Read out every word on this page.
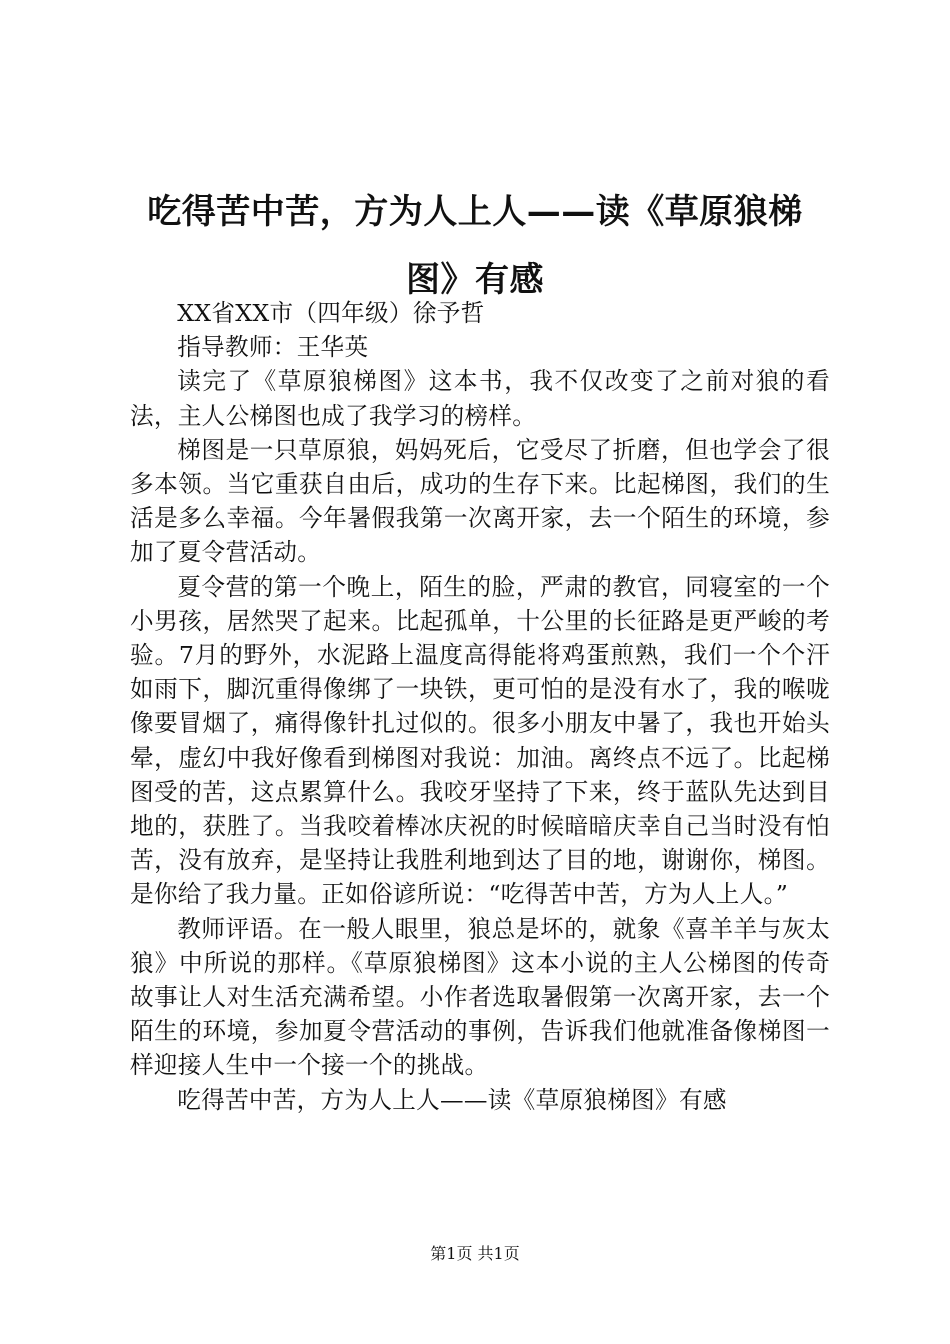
吃得苦中苦，方为人上人——读《草原狼梯
图》有感

XX省XX市（四年级）徐予哲

指导教师：王华英

读完了《草原狼梯图》这本书，我不仅改变了之前对狼的看法，主人公梯图也成了我学习的榜样。

梯图是一只草原狼，妈妈死后，它受尽了折磨，但也学会了很多本领。当它重获自由后，成功的生存下来。比起梯图，我们的生活是多么幸福。今年暑假我第一次离开家，去一个陌生的环境，参加了夏令营活动。

夏令营的第一个晚上，陌生的脸，严肃的教官，同寝室的一个小男孩，居然哭了起来。比起孤单，十公里的长征路是更严峻的考验。7月的野外，水泥路上温度高得能将鸡蛋煎熟，我们一个个汗如雨下，脚沉重得像绑了一块铁，更可怕的是没有水了，我的喉咙像要冒烟了，痛得像针扎过似的。很多小朋友中暑了，我也开始头晕，虚幻中我好像看到梯图对我说：加油。离终点不远了。比起梯图受的苦，这点累算什么。我咬牙坚持了下来，终于蓝队先达到目地的，获胜了。当我咬着棒冰庆祝的时候暗暗庆幸自己当时没有怕苦，没有放弃，是坚持让我胜利地到达了目的地，谢谢你，梯图。是你给了我力量。正如俗谚所说：“吃得苦中苦，方为人上人。”

教师评语。在一般人眼里，狼总是坏的，就象《喜羊羊与灰太狼》中所说的那样。《草原狼梯图》这本小说的主人公梯图的传奇故事让人对生活充满希望。小作者选取暑假第一次离开家，去一个陌生的环境，参加夏令营活动的事例，告诉我们他就准备像梯图一样迎接人生中一个接一个的挑战。

吃得苦中苦，方为人上人——读《草原狼梯图》有感

第1页 共1页
